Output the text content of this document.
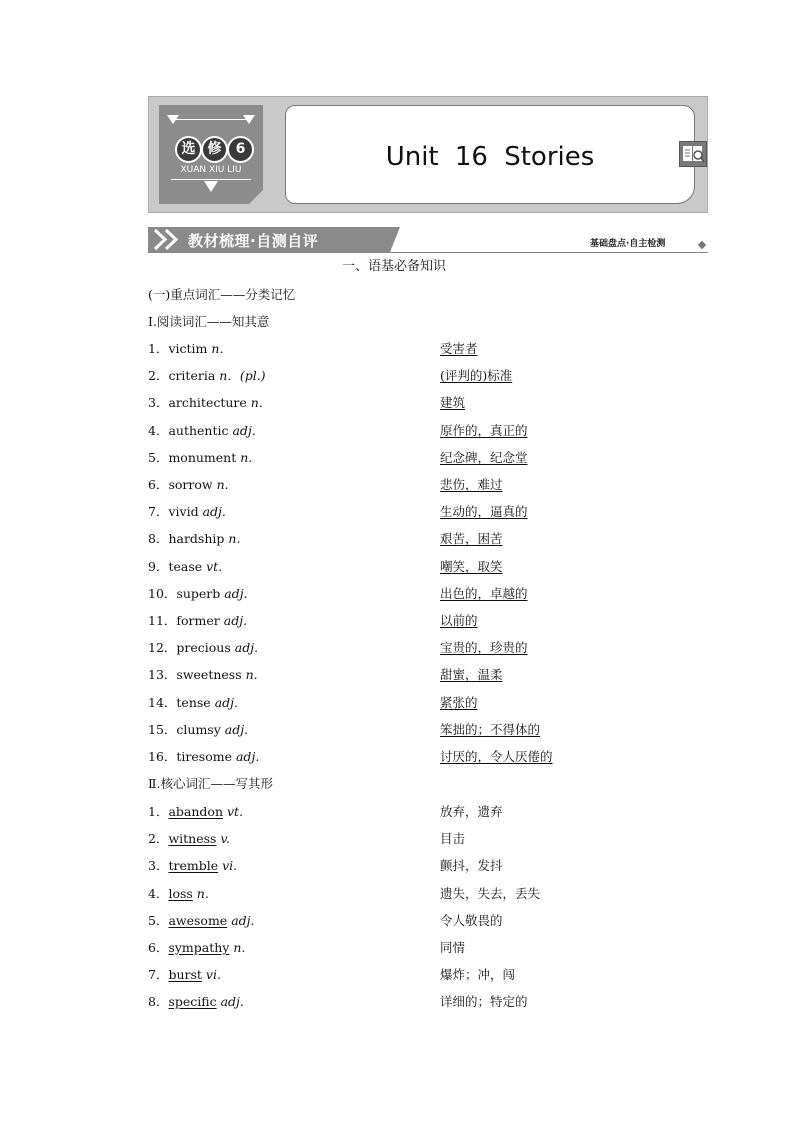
选 修	6
XUAN XIU LIU	Unit 16 Stories
教材梳理·自测自评	基础盘点·自主检测
一、语基必备知识
(一)重点词汇——分类记忆
Ⅰ.阅读词汇——知其意
1．victim n．	受害者
2．criteria n．(pl.)	(评判的)标准
3．architecture n.	建筑
4．authentic adj.	原作的，真正的
5．monument n.	纪念碑，纪念堂
6．sorrow n.	悲伤，难过
7．vivid adj.	生动的，逼真的
8．hardship n.	艰苦，困苦
9．tease vt.	嘲笑，取笑
10．superb adj.	出色的，卓越的
11．former adj.	以前的
12．precious adj.	宝贵的，珍贵的
13．sweetness n.	甜蜜，温柔
14．tense adj.	紧张的
15．clumsy adj.	笨拙的；不得体的
16．tiresome adj.	讨厌的，令人厌倦的
Ⅱ.核心词汇——写其形
1．abandon vt.	放弃，遗弃
2．witness v.	目击
3．tremble vi.	颤抖，发抖
4．loss n.	遗失，失去，丢失
5．awesome adj.	令人敬畏的
6．sympathy n.	同情
7．burst vi.	爆炸；冲，闯
8．specific adj.	详细的；特定的
